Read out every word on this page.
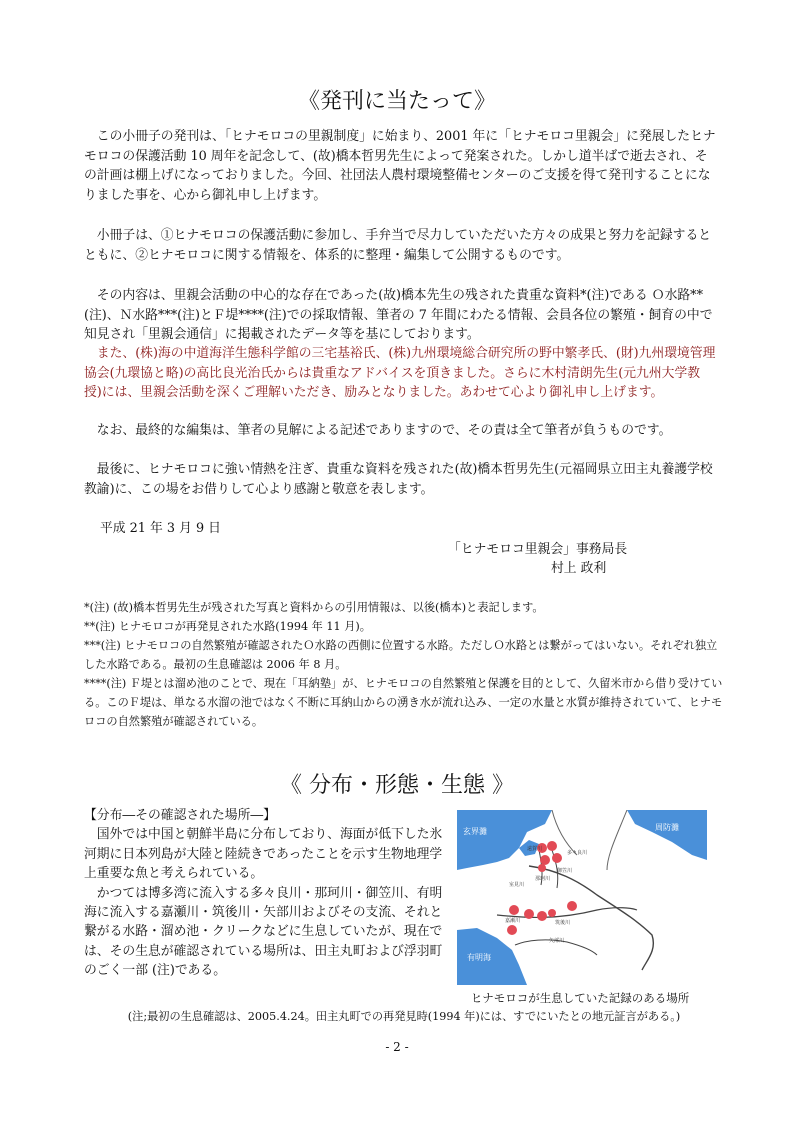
《発刊に当たって》

この小冊子の発刊は、「ヒナモロコの里親制度」に始まり、2001 年に「ヒナモロコ里親会」に発展したヒナモロコの保護活動 10 周年を記念して、(故)橋本哲男先生によって発案された。しかし道半ばで逝去され、その計画は棚上げになっておりました。今回、社団法人農村環境整備センターのご支援を得て発刊することになりました事を、心から御礼申し上げます。

小冊子は、①ヒナモロコの保護活動に参加し、手弁当で尽力していただいた方々の成果と努力を記録するとともに、②ヒナモロコに関する情報を、体系的に整理・編集して公開するものです。

その内容は、里親会活動の中心的な存在であった(故)橋本先生の残された貴重な資料*(注)である Ｏ水路**(注)、Ｎ水路***(注)とＦ堤****(注)での採取情報、筆者の 7 年間にわたる情報、会員各位の繁殖・飼育の中で知見され「里親会通信」に掲載されたデータ等を基にしております。

また、(株)海の中道海洋生態科学館の三宅基裕氏、(株)九州環境総合研究所の野中繁孝氏、(財)九州環境管理協会(九環協と略)の高比良光治氏からは貴重なアドバイスを頂きました。さらに木村清朗先生(元九州大学教授)には、里親会活動を深くご理解いただき、励みとなりました。あわせて心より御礼申し上げます。

なお、最終的な編集は、筆者の見解による記述でありますので、その責は全て筆者が負うものです。

最後に、ヒナモロコに強い情熱を注ぎ、貴重な資料を残された(故)橋本哲男先生(元福岡県立田主丸養護学校教諭)に、この場をお借りして心より感謝と敬意を表します。

平成 21 年 3 月 9 日
「ヒナモロコ里親会」事務局長
村上 政利

*(注) (故)橋本哲男先生が残された写真と資料からの引用情報は、以後(橋本)と表記します。

**(注) ヒナモロコが再発見された水路(1994 年 11 月)。

***(注) ヒナモロコの自然繁殖が確認されたＯ水路の西側に位置する水路。ただしＯ水路とは繋がってはいない。それぞれ独立した水路である。最初の生息確認は 2006 年 8 月。

****(注) Ｆ堤とは溜め池のことで、現在「耳納塾」が、ヒナモロコの自然繁殖と保護を目的として、久留米市から借り受けている。このＦ堤は、単なる水溜の池ではなく不断に耳納山からの湧き水が流れ込み、一定の水量と水質が維持されていて、ヒナモロコの自然繁殖が確認されている。

《 分布・形態・生態 》

【分布―その確認された場所―】

国外では中国と朝鮮半島に分布しており、海面が低下した氷河期に日本列島が大陸と陸続きであったことを示す生物地理学上重要な魚と考えられている。

かつては博多湾に流入する多々良川・那珂川・御笠川、有明海に流入する嘉瀬川・筑後川・矢部川およびその支流、それと繋がる水路・溜め池・クリークなどに生息していたが、現在では、その生息が確認されている場所は、田主丸町および浮羽町のごく一部 (注)である。

玄界灘	周防灘
有明海
多々良川
御笠川
那珂川
室見川
遠賀川
嘉瀬川	筑後川
矢部川
ヒナモロコが生息していた記録のある場所
(注;最初の生息確認は、2005.4.24。田主丸町での再発見時(1994 年)には、すでにいたとの地元証言がある。)
- 2 -
